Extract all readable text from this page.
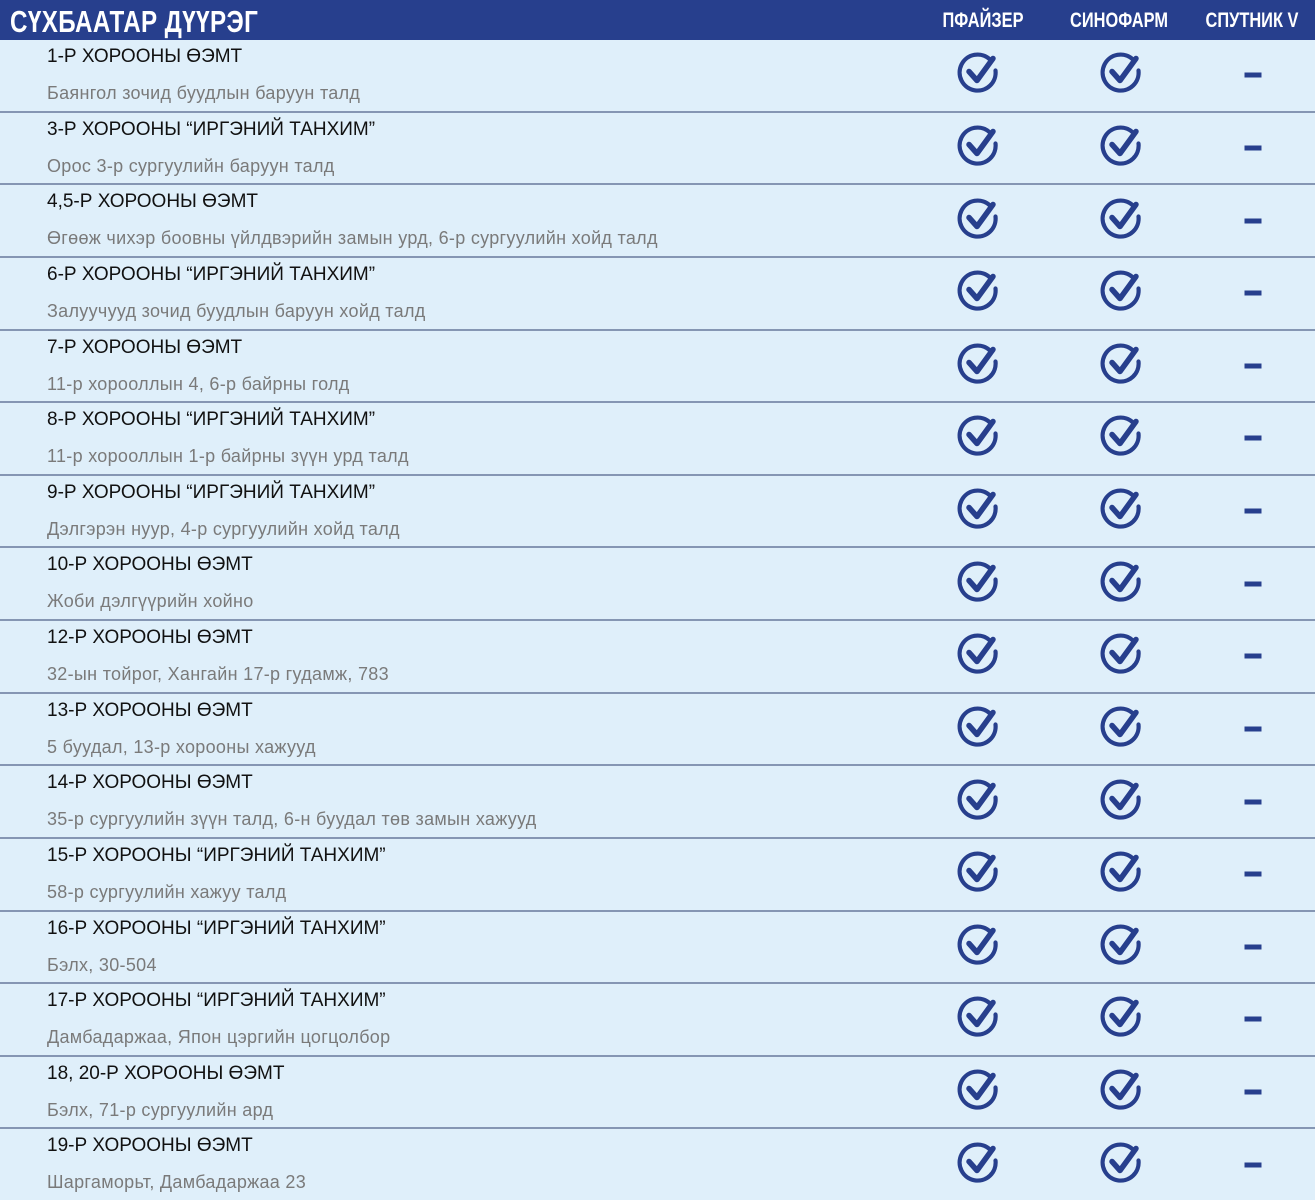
СҮХБААТАР ДҮҮРЭГ	ПФАЙЗЕР СИНОФАРМ СПУТНИК V
1-Р ХОРООНЫ ӨЭМТ
Баянгол зочид буудлын баруун талд
3-Р ХОРООНЫ “ИРГЭНИЙ ТАНХИМ”
Орос 3-р сургуулийн баруун талд
4,5-Р ХОРООНЫ ӨЭМТ
Өгөөж чихэр боовны үйлдвэрийн замын урд, 6-р сургуулийн хойд талд
6-Р ХОРООНЫ “ИРГЭНИЙ ТАНХИМ”
Залуучууд зочид буудлын баруун хойд талд
7-Р ХОРООНЫ ӨЭМТ
11-р хорооллын 4, 6-р байрны голд
8-Р ХОРООНЫ “ИРГЭНИЙ ТАНХИМ”
11-р хорооллын 1-р байрны зүүн урд талд
9-Р ХОРООНЫ “ИРГЭНИЙ ТАНХИМ”
Дэлгэрэн нуур, 4-р сургуулийн хойд талд
10-Р ХОРООНЫ ӨЭМТ
Жоби дэлгүүрийн хойно
12-Р ХОРООНЫ ӨЭМТ
32-ын тойрог, Хангайн 17-р гудамж, 783
13-Р ХОРООНЫ ӨЭМТ
5 буудал, 13-р хорооны хажууд
14-Р ХОРООНЫ ӨЭМТ
35-р сургуулийн зүүн талд, 6-н буудал төв замын хажууд
15-Р ХОРООНЫ “ИРГЭНИЙ ТАНХИМ”
58-р сургуулийн хажуу талд
16-Р ХОРООНЫ “ИРГЭНИЙ ТАНХИМ”
Бэлх, 30-504
17-Р ХОРООНЫ “ИРГЭНИЙ ТАНХИМ”
Дамбадаржаа, Япон цэргийн цогцолбор
18, 20-Р ХОРООНЫ ӨЭМТ
Бэлх, 71-р сургуулийн ард
19-Р ХОРООНЫ ӨЭМТ
Шаргаморьт, Дамбадаржаа 23
